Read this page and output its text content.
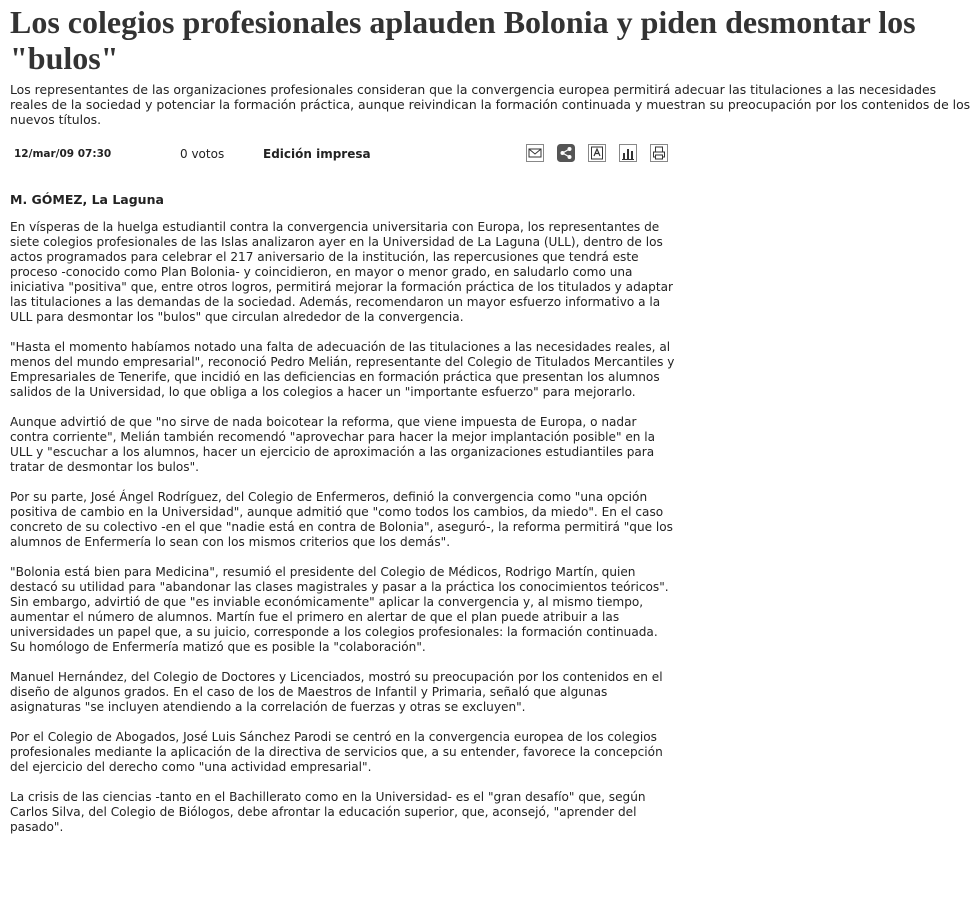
Los colegios profesionales aplauden Bolonia y piden desmontar los "bulos"

Los representantes de las organizaciones profesionales consideran que la convergencia europea permitirá adecuar las titulaciones a las necesidades reales de la sociedad y potenciar la formación práctica, aunque reivindican la formación continuada y muestran su preocupación por los contenidos de los nuevos títulos.

12/mar/09 07:30	0 votos	Edición impresa

M. GÓMEZ, La Laguna

En vísperas de la huelga estudiantil contra la convergencia universitaria con Europa, los representantes de siete colegios profesionales de las Islas analizaron ayer en la Universidad de La Laguna (ULL), dentro de los actos programados para celebrar el 217 aniversario de la institución, las repercusiones que tendrá este proceso -conocido como Plan Bolonia- y coincidieron, en mayor o menor grado, en saludarlo como una iniciativa "positiva" que, entre otros logros, permitirá mejorar la formación práctica de los titulados y adaptar las titulaciones a las demandas de la sociedad. Además, recomendaron un mayor esfuerzo informativo a la ULL para desmontar los "bulos" que circulan alrededor de la convergencia.

"Hasta el momento habíamos notado una falta de adecuación de las titulaciones a las necesidades reales, al menos del mundo empresarial", reconoció Pedro Melián, representante del Colegio de Titulados Mercantiles y Empresariales de Tenerife, que incidió en las deficiencias en formación práctica que presentan los alumnos salidos de la Universidad, lo que obliga a los colegios a hacer un "importante esfuerzo" para mejorarlo.

Aunque advirtió de que "no sirve de nada boicotear la reforma, que viene impuesta de Europa, o nadar contra corriente", Melián también recomendó "aprovechar para hacer la mejor implantación posible" en la ULL y "escuchar a los alumnos, hacer un ejercicio de aproximación a las organizaciones estudiantiles para tratar de desmontar los bulos".

Por su parte, José Ángel Rodríguez, del Colegio de Enfermeros, definió la convergencia como "una opción positiva de cambio en la Universidad", aunque admitió que "como todos los cambios, da miedo". En el caso concreto de su colectivo -en el que "nadie está en contra de Bolonia", aseguró-, la reforma permitirá "que los alumnos de Enfermería lo sean con los mismos criterios que los demás".

"Bolonia está bien para Medicina", resumió el presidente del Colegio de Médicos, Rodrigo Martín, quien destacó su utilidad para "abandonar las clases magistrales y pasar a la práctica los conocimientos teóricos". Sin embargo, advirtió de que "es inviable económicamente" aplicar la convergencia y, al mismo tiempo, aumentar el número de alumnos. Martín fue el primero en alertar de que el plan puede atribuir a las universidades un papel que, a su juicio, corresponde a los colegios profesionales: la formación continuada. Su homólogo de Enfermería matizó que es posible la "colaboración".

Manuel Hernández, del Colegio de Doctores y Licenciados, mostró su preocupación por los contenidos en el diseño de algunos grados. En el caso de los de Maestros de Infantil y Primaria, señaló que algunas asignaturas "se incluyen atendiendo a la correlación de fuerzas y otras se excluyen".

Por el Colegio de Abogados, José Luis Sánchez Parodi se centró en la convergencia europea de los colegios profesionales mediante la aplicación de la directiva de servicios que, a su entender, favorece la concepción del ejercicio del derecho como "una actividad empresarial".

La crisis de las ciencias -tanto en el Bachillerato como en la Universidad- es el "gran desafío" que, según Carlos Silva, del Colegio de Biólogos, debe afrontar la educación superior, que, aconsejó, "aprender del pasado".
